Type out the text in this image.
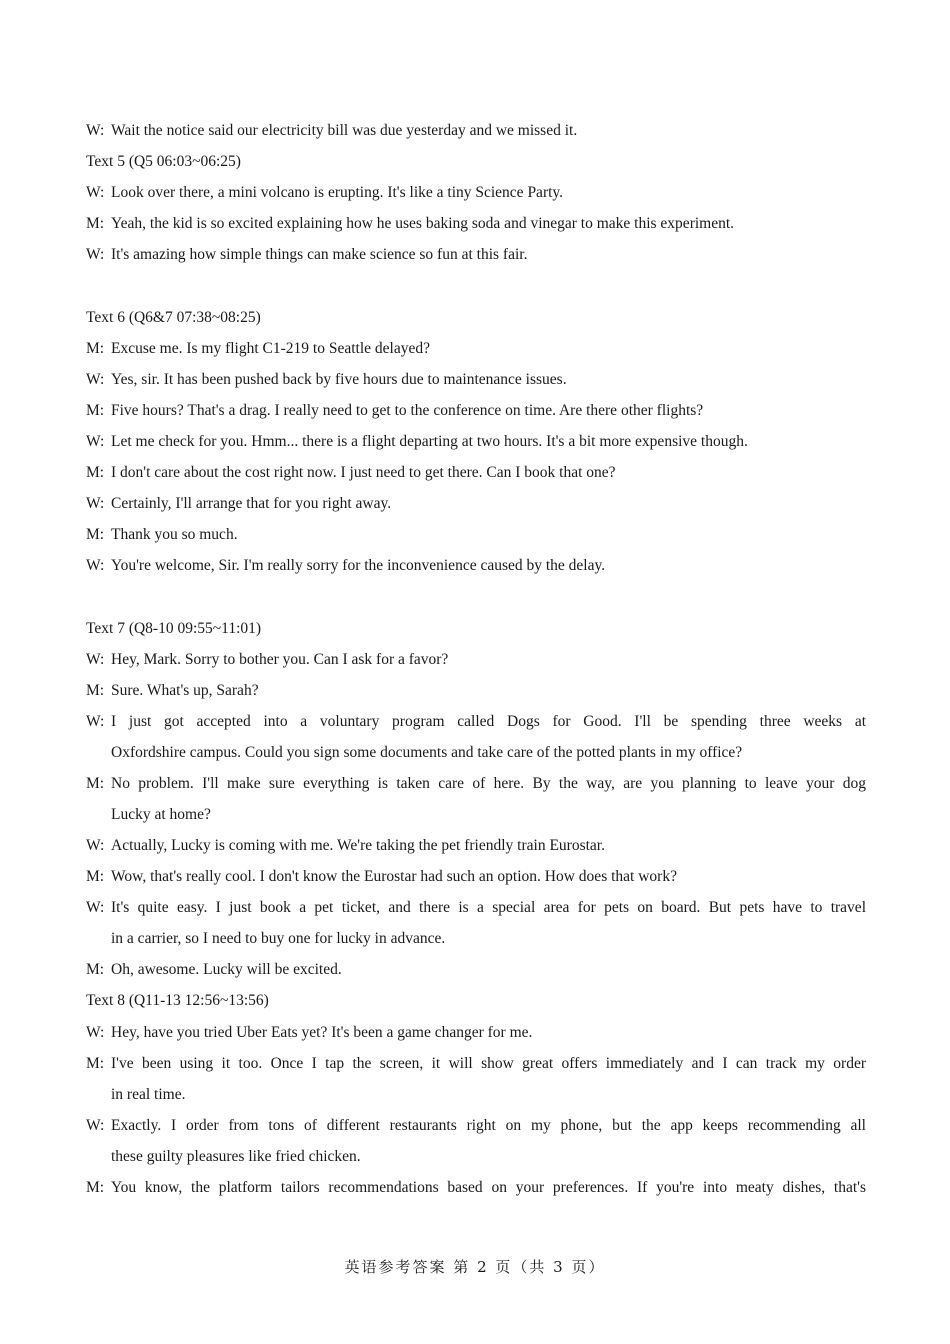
W: Wait the notice said our electricity bill was due yesterday and we missed it.
Text 5 (Q5 06:03~06:25)
W: Look over there, a mini volcano is erupting. It's like a tiny Science Party.
M: Yeah, the kid is so excited explaining how he uses baking soda and vinegar to make this experiment.
W: It's amazing how simple things can make science so fun at this fair.
Text 6 (Q6&7 07:38~08:25)
M: Excuse me. Is my flight C1-219 to Seattle delayed?
W: Yes, sir. It has been pushed back by five hours due to maintenance issues.
M: Five hours? That's a drag. I really need to get to the conference on time. Are there other flights?
W: Let me check for you. Hmm... there is a flight departing at two hours. It's a bit more expensive though.
M: I don't care about the cost right now. I just need to get there. Can I book that one?
W: Certainly, I'll arrange that for you right away.
M: Thank you so much.
W: You're welcome, Sir. I'm really sorry for the inconvenience caused by the delay.
Text 7 (Q8-10 09:55~11:01)
W: Hey, Mark. Sorry to bother you. Can I ask for a favor?
M: Sure. What's up, Sarah?
W: I just got accepted into a voluntary program called Dogs for Good. I'll be spending three weeks at
Oxfordshire campus. Could you sign some documents and take care of the potted plants in my office?
M: No problem. I'll make sure everything is taken care of here. By the way, are you planning to leave your dog
Lucky at home?
W: Actually, Lucky is coming with me. We're taking the pet friendly train Eurostar.
M: Wow, that's really cool. I don't know the Eurostar had such an option. How does that work?
W: It's quite easy. I just book a pet ticket, and there is a special area for pets on board. But pets have to travel
in a carrier, so I need to buy one for lucky in advance.
M: Oh, awesome. Lucky will be excited.
Text 8 (Q11-13 12:56~13:56)
W: Hey, have you tried Uber Eats yet? It's been a game changer for me.
M: I've been using it too. Once I tap the screen, it will show great offers immediately and I can track my order
in real time.
W: Exactly. I order from tons of different restaurants right on my phone, but the app keeps recommending all
these guilty pleasures like fried chicken.
M: You know, the platform tailors recommendations based on your preferences. If you're into meaty dishes, that's
英语参考答案 第 2 页（共 3 页）
